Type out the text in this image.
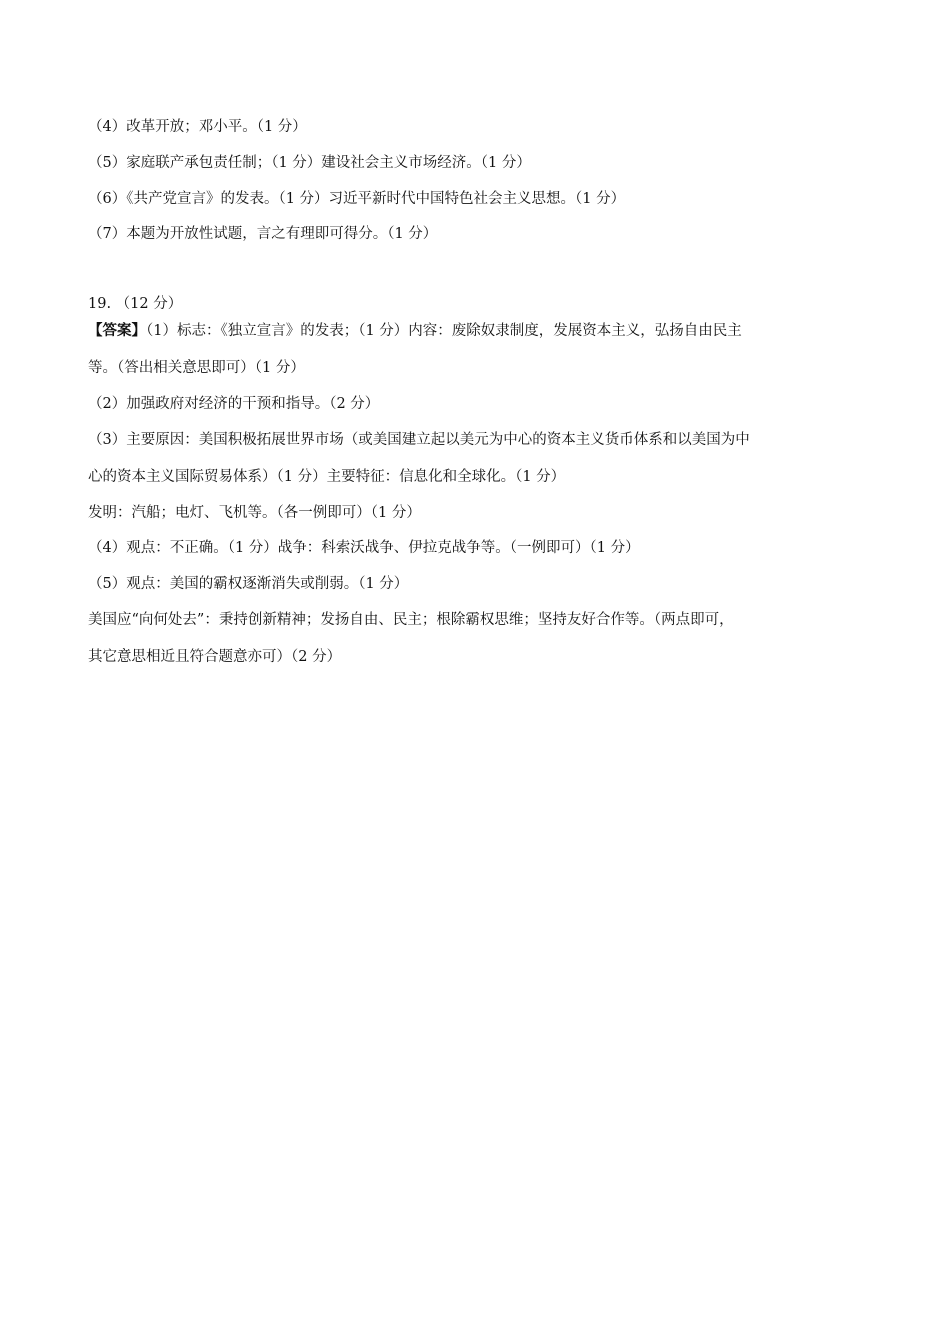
（4）改革开放；邓小平。（1 分）
（5）家庭联产承包责任制；（1 分）建设社会主义市场经济。（1 分）
（6）《共产党宣言》的发表。（1 分）习近平新时代中国特色社会主义思想。（1 分）
（7）本题为开放性试题，言之有理即可得分。（1 分）
19. （12 分）
【答案】（1）标志：《独立宣言》的发表；（1 分）内容：废除奴隶制度，发展资本主义，弘扬自由民主
等。（答出相关意思即可）（1 分）
（2）加强政府对经济的干预和指导。（2 分）
（3）主要原因：美国积极拓展世界市场（或美国建立起以美元为中心的资本主义货币体系和以美国为中
心的资本主义国际贸易体系）（1 分）主要特征：信息化和全球化。（1 分）
发明：汽船；电灯、飞机等。（各一例即可）（1 分）
（4）观点：不正确。（1 分）战争：科索沃战争、伊拉克战争等。（一例即可）（1 分）
（5）观点：美国的霸权逐渐消失或削弱。（1 分）
美国应“向何处去”：秉持创新精神；发扬自由、民主；根除霸权思维；坚持友好合作等。（两点即可，
其它意思相近且符合题意亦可）（2 分）
